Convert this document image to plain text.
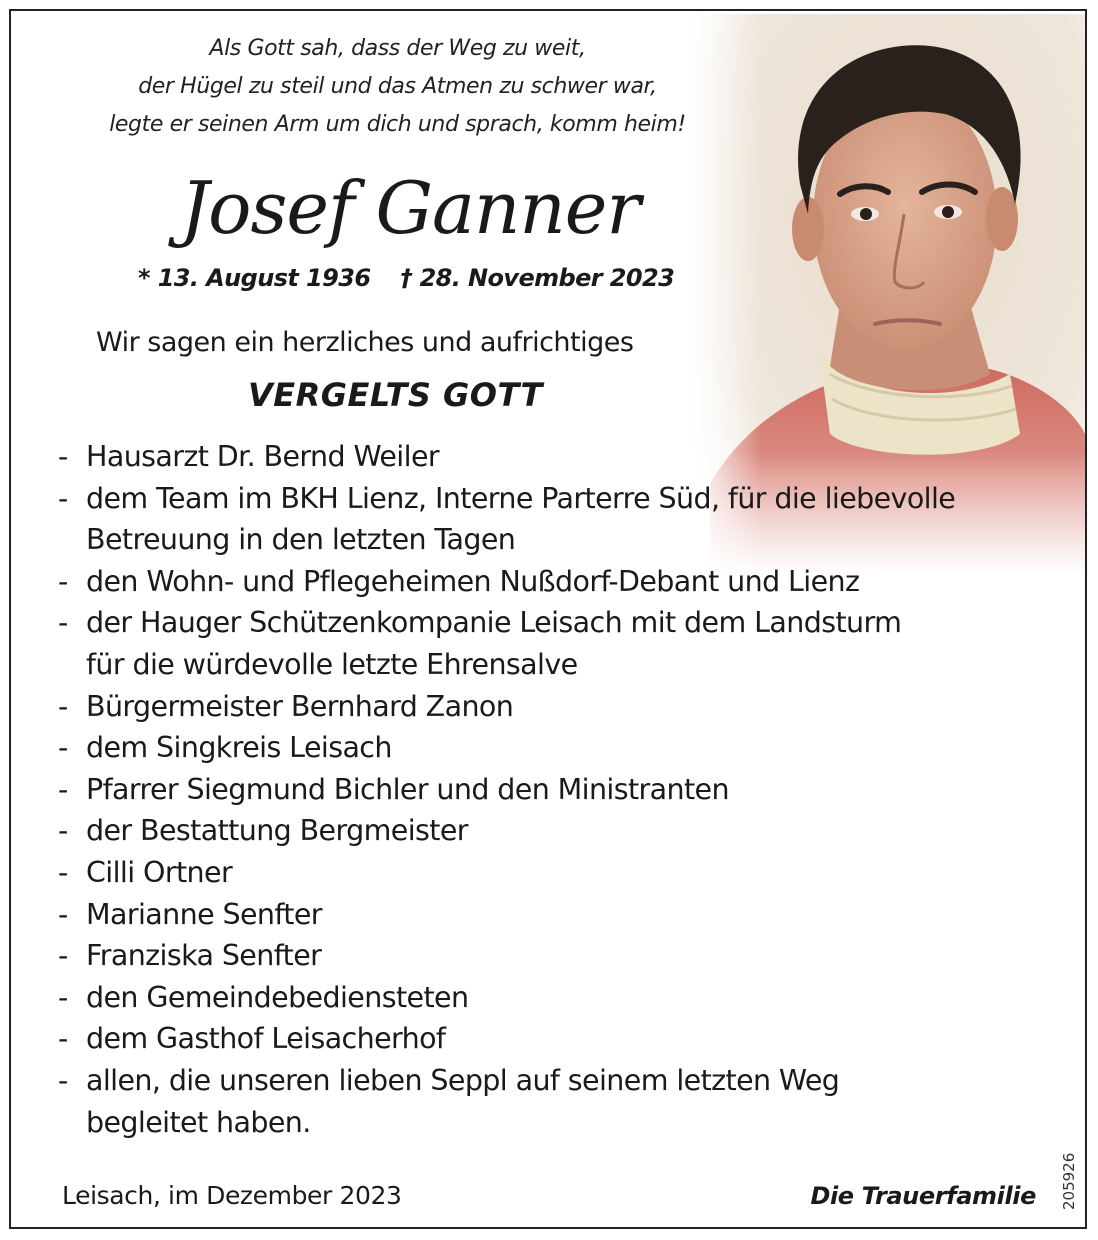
Als Gott sah, dass der Weg zu weit,
der Hügel zu steil und das Atmen zu schwer war,
legte er seinen Arm um dich und sprach, komm heim!
Josef Ganner
* 13. August 1936 † 28. November 2023
Wir sagen ein herzliches und aufrichtiges
VERGELTS GOTT
- Hausarzt Dr. Bernd Weiler
- dem Team im BKH Lienz, Interne Parterre Süd, für die liebevolle
Betreuung in den letzten Tagen
- den Wohn- und Pflegeheimen Nußdorf-Debant und Lienz
- der Hauger Schützenkompanie Leisach mit dem Landsturm
für die würdevolle letzte Ehrensalve
- Bürgermeister Bernhard Zanon
- dem Singkreis Leisach
- Pfarrer Siegmund Bichler und den Ministranten
- der Bestattung Bergmeister
- Cilli Ortner
- Marianne Senfter
- Franziska Senfter
- den Gemeindebediensteten
- dem Gasthof Leisacherhof
- allen, die unseren lieben Seppl auf seinem letzten Weg
begleitet haben.
Leisach, im Dezember 2023	Die Trauerfamilie 205926
